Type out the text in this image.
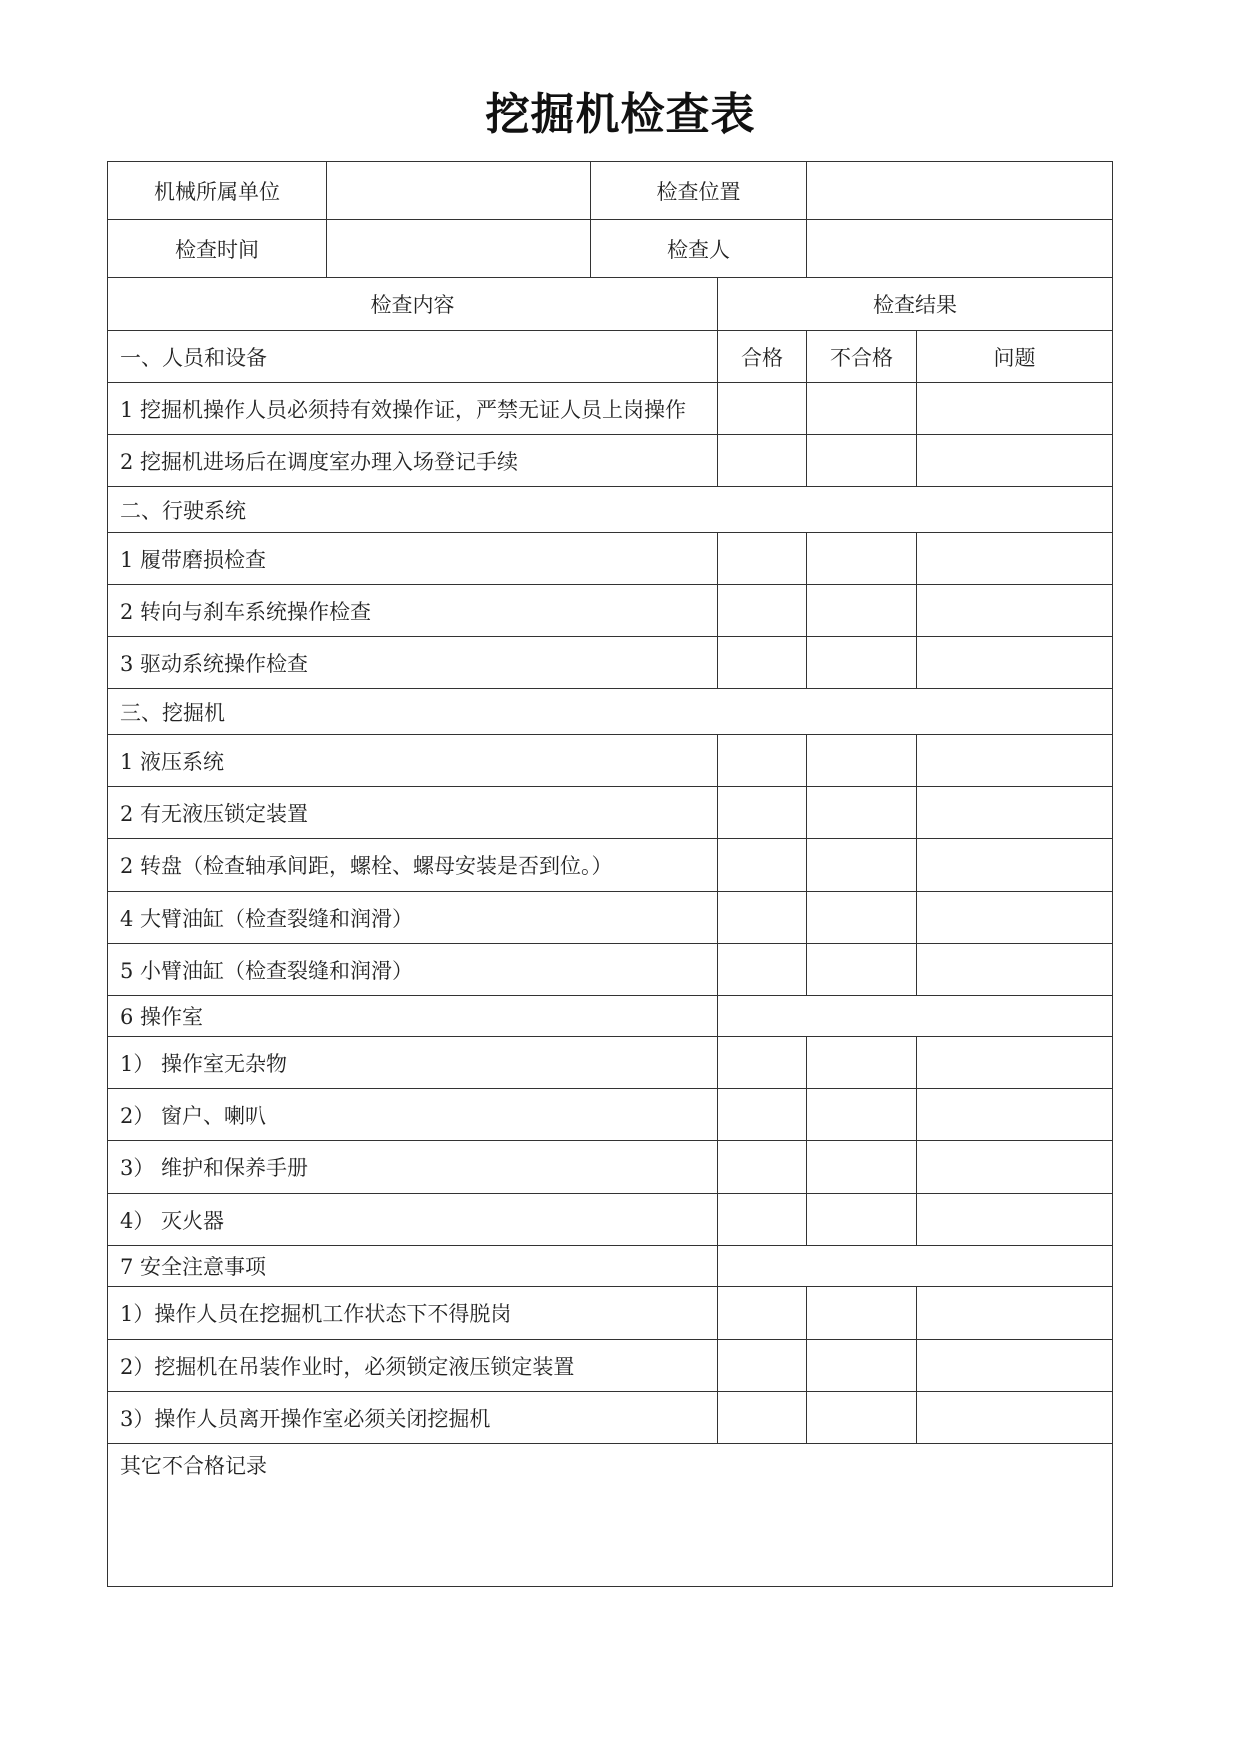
挖掘机检查表
机械所属单位		检查位置			
检查时间		检查人			
检查内容			检查结果		
一、人员和设备			合格	不合格	问题
1 挖掘机操作人员必须持有效操作证，严禁无证人员上岗操作					
2 挖掘机进场后在调度室办理入场登记手续					
二、行驶系统					
1 履带磨损检查					
2 转向与刹车系统操作检查					
3 驱动系统操作检查					
三、挖掘机					
1 液压系统					
2 有无液压锁定装置					
2 转盘（检查轴承间距，螺栓、螺母安装是否到位。）					
4 大臂油缸（检查裂缝和润滑）					
5 小臂油缸（检查裂缝和润滑）					
6 操作室					
1） 操作室无杂物					
2） 窗户、喇叭					
3） 维护和保养手册					
4） 灭火器					
7 安全注意事项					
1）操作人员在挖掘机工作状态下不得脱岗					
2）挖掘机在吊装作业时，必须锁定液压锁定装置					
3）操作人员离开操作室必须关闭挖掘机					
其它不合格记录					
